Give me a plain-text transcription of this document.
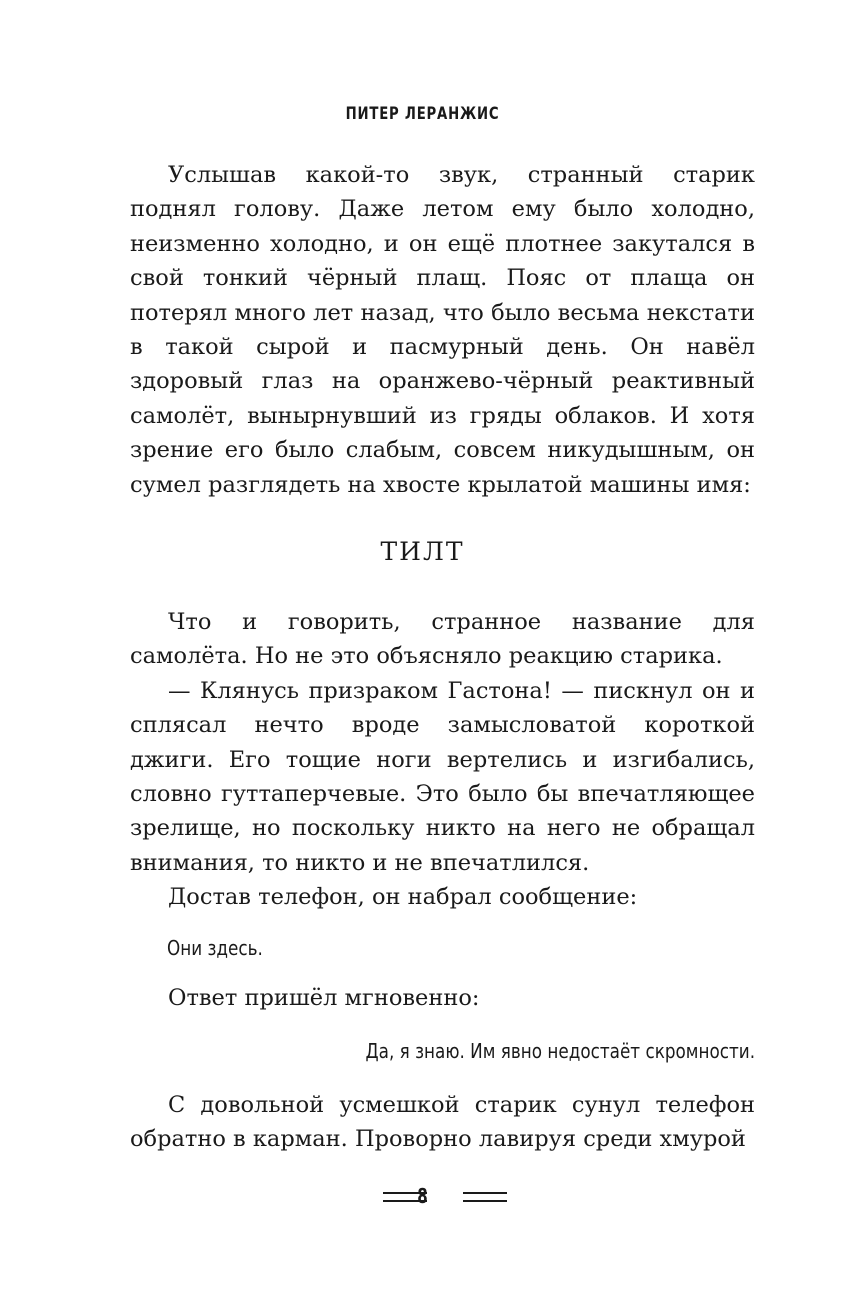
ПИТЕР ЛЕРАНЖИС

Услышав какой-то звук, странный старик поднял голову. Даже летом ему было холодно, неизменно холодно, и он ещё плотнее закутался в свой тонкий чёрный плащ. Пояс от плаща он потерял много лет назад, что было весьма некстати в такой сырой и пасмурный день. Он навёл здоровый глаз на оранжево-чёрный реактивный самолёт, вынырнувший из гряды облаков. И хотя зрение его было слабым, совсем никудышным, он сумел разглядеть на хвосте крылатой машины имя:

ТИЛТ

Что и говорить, странное название для самолёта. Но не это объясняло реакцию старика.

— Клянусь призраком Гастона! — пискнул он и сплясал нечто вроде замысловатой короткой джиги. Его тощие ноги вертелись и изгибались, словно гуттаперчевые. Это было бы впечатляющее зрелище, но поскольку никто на него не обращал внимания, то никто и не впечатлился.

Достав телефон, он набрал сообщение:

Они здесь.
Ответ пришёл мгновенно:
Да, я знаю. Им явно недостаёт скромности.

С довольной усмешкой старик сунул телефон обратно в карман. Проворно лавируя среди хмурой

8
